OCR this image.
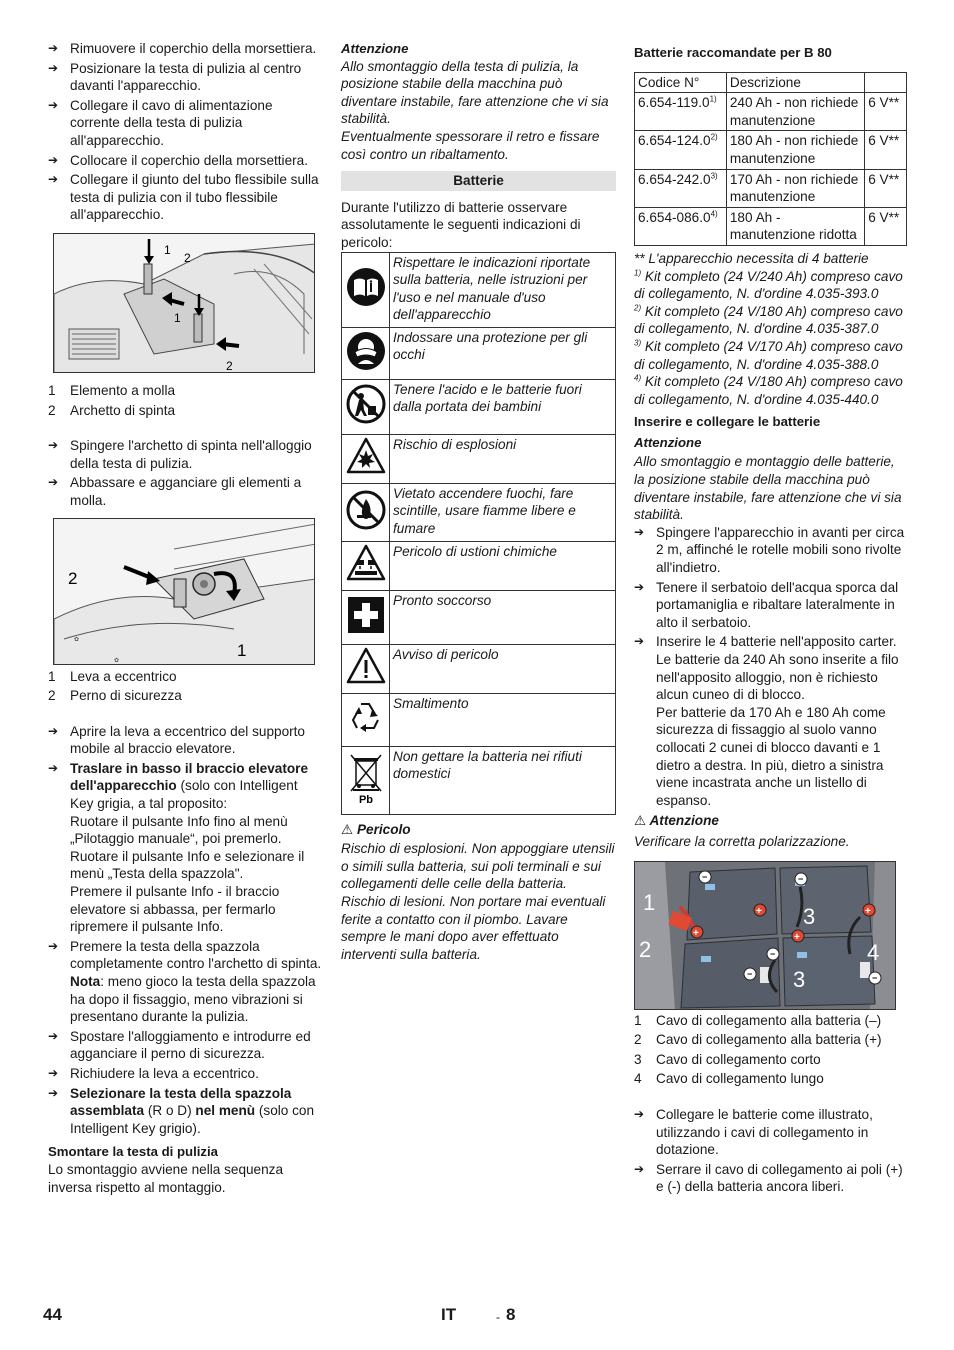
➔ Rimuovere il coperchio della morsettiera.

➔ Posizionare la testa di pulizia al centro davanti l'apparecchio.

➔ Collegare il cavo di alimentazione corrente della testa di pulizia all'apparecchio.

➔ Collocare il coperchio della morsettiera.

➔ Collegare il giunto del tubo flessibile sulla testa di pulizia con il tubo flessibile all'apparecchio.

1
2
1
2
1	Elemento a molla
2	Archetto di spinta

➔ Spingere l'archetto di spinta nell'alloggio della testa di pulizia.

➔ Abbassare e agganciare gli elementi a molla.

2
1
✿
✿
1	Leva a eccentrico
2	Perno di sicurezza

➔ Aprire la leva a eccentrico del supporto mobile al braccio elevatore.

➔ Traslare in basso il braccio elevatore dell'apparecchio (solo con Intelligent Key grigia, a tal proposito:
Ruotare il pulsante Info fino al menù „Pilotaggio manuale“, poi premerlo.
Ruotare il pulsante Info e selezionare il menù „Testa della spazzola".
Premere il pulsante Info - il braccio elevatore si abbassa, per fermarlo ripremere il pulsante Info.
➔ Premere la testa della spazzola completamente contro l'archetto di spinta.
Nota: meno gioco la testa della spazzola ha dopo il fissaggio, meno vibrazioni si presentano durante la pulizia.

➔ Spostare l'alloggiamento e introdurre ed agganciare il perno di sicurezza.

➔ Richiudere la leva a eccentrico.

➔ Selezionare la testa della spazzola assemblata (R o D) nel menù (solo con Intelligent Key grigio).

Smontare la testa di pulizia

Lo smontaggio avviene nella sequenza inversa rispetto al montaggio.

Attenzione

Allo smontaggio della testa di pulizia, la posizione stabile della macchina può diventare instabile, fare attenzione che vi sia stabilità.

Eventualmente spessorare il retro e fissare così contro un ribaltamento.

Batterie

Durante l'utilizzo di batterie osservare assolutamente le seguenti indicazioni di pericolo:

	Rispettare le indicazioni riportate sulla batteria, nelle istruzioni per l'uso e nel manuale d'uso dell'apparecchio
	Indossare una protezione per gli occhi
	Tenere l'acido e le batterie fuori dalla portata dei bambini
	Rischio di esplosioni
	Vietato accendere fuochi, fare scintille, usare fiamme libere e fumare
	Pericolo di ustioni chimiche
	Pronto soccorso
	Avviso di pericolo
	Smaltimento

Pb	Non gettare la batteria nei rifiuti domestici

⚠ Pericolo

Rischio di esplosioni. Non appoggiare utensili o simili sulla batteria, sui poli terminali e sui collegamenti delle celle della batteria.

Rischio di lesioni. Non portare mai eventuali ferite a contatto con il piombo. Lavare sempre le mani dopo aver effettuato interventi sulla batteria.

Batterie raccomandate per B 80

Codice N°	Descrizione	
6.654-119.0$^{1)}$	240 Ah - non richiede manutenzione	6 V**
6.654-124.0$^{2)}$	180 Ah - non richiede manutenzione	6 V**
6.654-242.0$^{3)}$	170 Ah - non richiede manutenzione	6 V**
6.654-086.0$^{4)}$	180 Ah - manutenzione ridotta	6 V**

** L'apparecchio necessita di 4 batterie

$^{1)}$ Kit completo (24 V/240 Ah) compreso cavo di collegamento, N. d'ordine 4.035-393.0

$^{2)}$ Kit completo (24 V/180 Ah) compreso cavo di collegamento, N. d'ordine 4.035-387.0

$^{3)}$ Kit completo (24 V/170 Ah) compreso cavo di collegamento, N. d'ordine 4.035-388.0

$^{4)}$ Kit completo (24 V/180 Ah) compreso cavo di collegamento, N. d'ordine 4.035-440.0

Inserire e collegare le batterie

Attenzione

Allo smontaggio e montaggio delle batterie, la posizione stabile della macchina può diventare instabile, fare attenzione che vi sia stabilità.

➔ Spingere l'apparecchio in avanti per circa 2 m, affinché le rotelle mobili sono rivolte all'indietro.

➔ Tenere il serbatoio dell'acqua sporca dal portamaniglia e ribaltare lateralmente in alto il serbatoio.

➔ Inserire le 4 batterie nell'apposito carter.
Le batterie da 240 Ah sono inserite a filo nell'apposito alloggio, non è richiesto alcun cuneo di di blocco.
Per batterie da 170 Ah e 180 Ah come sicurezza di fissaggio al suolo vanno collocati 2 cunei di blocco davanti e 1 dietro a destra. In più, dietro a sinistra viene incastrata anche un listello di espanso.

⚠ Attenzione

Verificare la corretta polarizzazione.

−
+
−
+
+	+
−
−	−
1
2
3
4
3
1	Cavo di collegamento alla batteria (–)
2	Cavo di collegamento alla batteria (+)
3	Cavo di collegamento corto
4	Cavo di collegamento lungo

➔ Collegare le batterie come illustrato, utilizzando i cavi di collegamento in dotazione.

➔ Serrare il cavo di collegamento ai poli (+) e (-) della batteria ancora liberi.

44	IT	- 8
